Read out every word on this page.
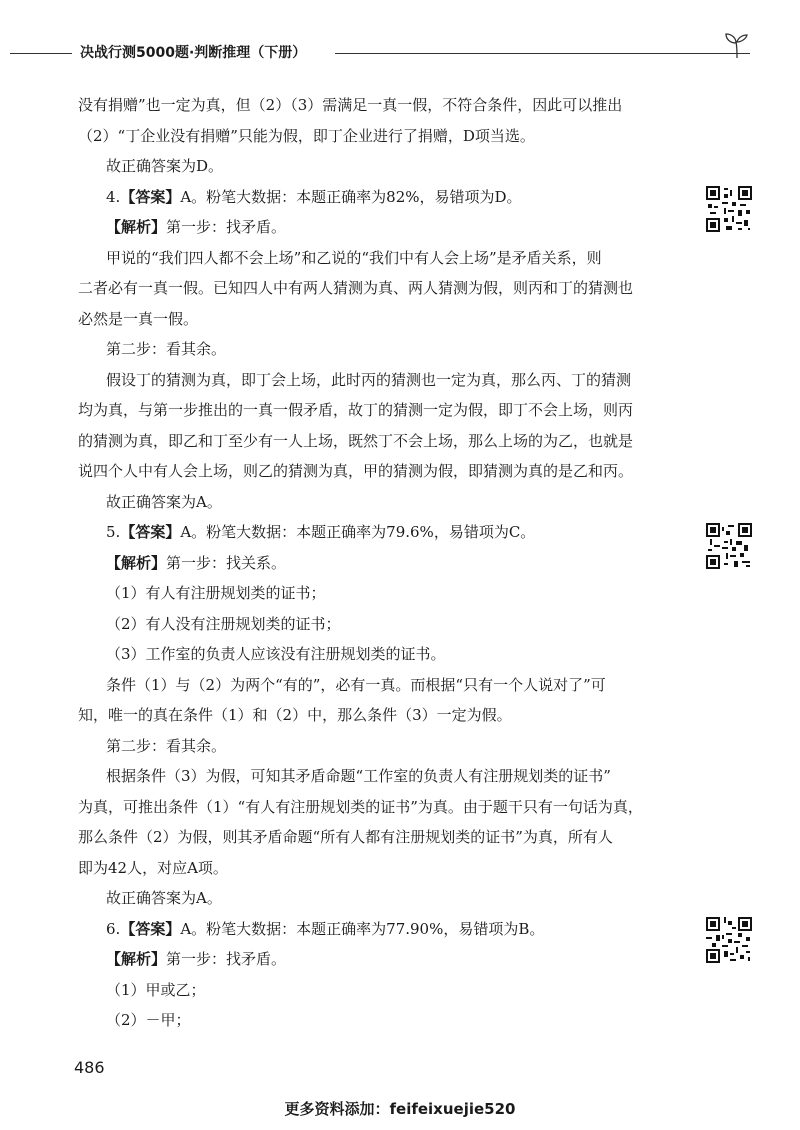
决战行测5000题·判断推理（下册）
没有捐赠”也一定为真，但（2）（3）需满足一真一假，不符合条件，因此可以推出
（2）“丁企业没有捐赠”只能为假，即丁企业进行了捐赠，D项当选。
故正确答案为D。
4.【答案】A。粉笔大数据：本题正确率为82%，易错项为D。
【解析】第一步：找矛盾。
甲说的“我们四人都不会上场”和乙说的“我们中有人会上场”是矛盾关系，则
二者必有一真一假。已知四人中有两人猜测为真、两人猜测为假，则丙和丁的猜测也
必然是一真一假。
第二步：看其余。
假设丁的猜测为真，即丁会上场，此时丙的猜测也一定为真，那么丙、丁的猜测
均为真，与第一步推出的一真一假矛盾，故丁的猜测一定为假，即丁不会上场，则丙
的猜测为真，即乙和丁至少有一人上场，既然丁不会上场，那么上场的为乙，也就是
说四个人中有人会上场，则乙的猜测为真，甲的猜测为假，即猜测为真的是乙和丙。
故正确答案为A。
5.【答案】A。粉笔大数据：本题正确率为79.6%，易错项为C。
【解析】第一步：找关系。
（1）有人有注册规划类的证书；
（2）有人没有注册规划类的证书；
（3）工作室的负责人应该没有注册规划类的证书。
条件（1）与（2）为两个“有的”，必有一真。而根据“只有一个人说对了”可
知，唯一的真在条件（1）和（2）中，那么条件（3）一定为假。
第二步：看其余。
根据条件（3）为假，可知其矛盾命题“工作室的负责人有注册规划类的证书”
为真，可推出条件（1）“有人有注册规划类的证书”为真。由于题干只有一句话为真，
那么条件（2）为假，则其矛盾命题“所有人都有注册规划类的证书”为真，所有人
即为42人，对应A项。
故正确答案为A。
6.【答案】A。粉笔大数据：本题正确率为77.90%，易错项为B。
【解析】第一步：找矛盾。
（1）甲或乙；
（2）－甲；
486
更多资料添加：feifeixuejie520
